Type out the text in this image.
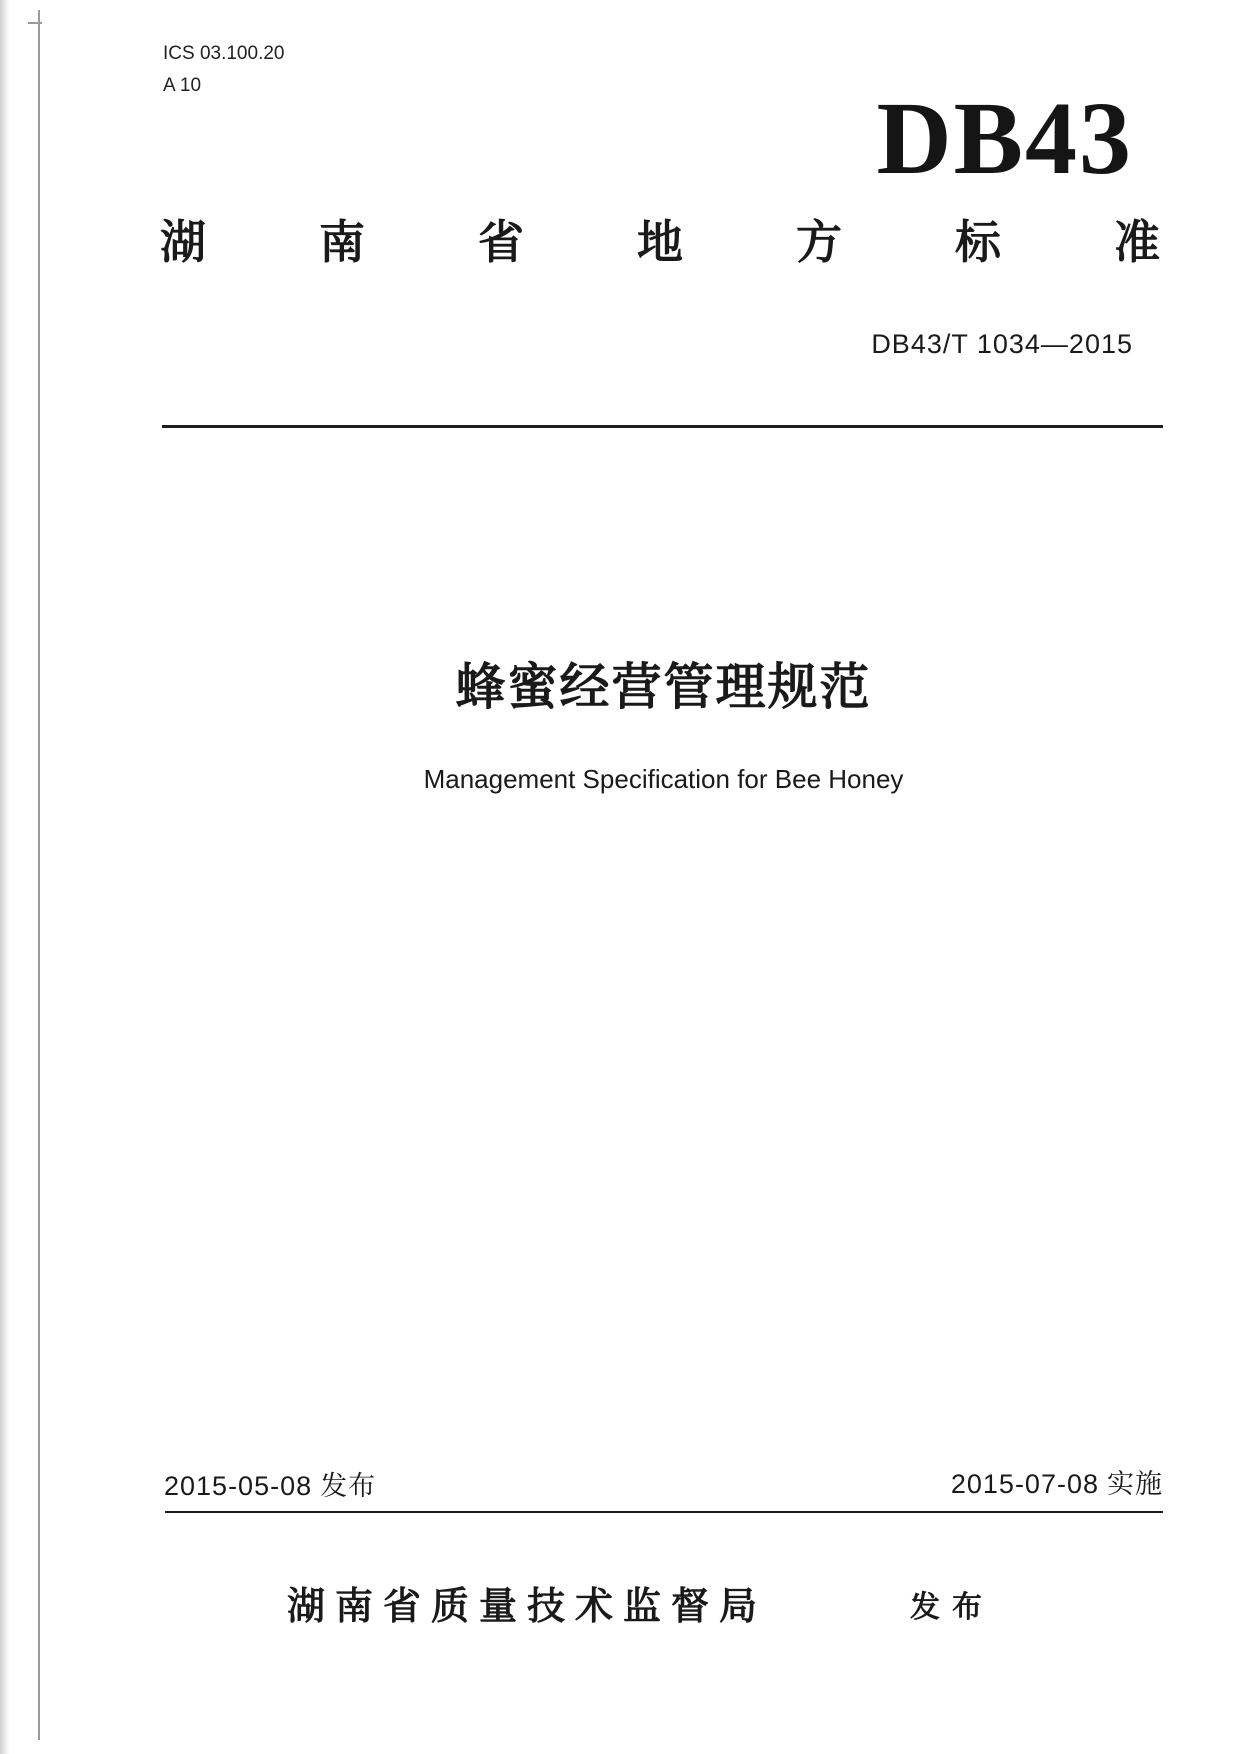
ICS 03.100.20
A 10	DB43
湖 南 省 地 方 标 准
DB43/T 1034—2015
蜂蜜经营管理规范
Management Specification for Bee Honey
2015-05-08 发布	2015-07-08 实施
湖南省质量技术监督局	发布
